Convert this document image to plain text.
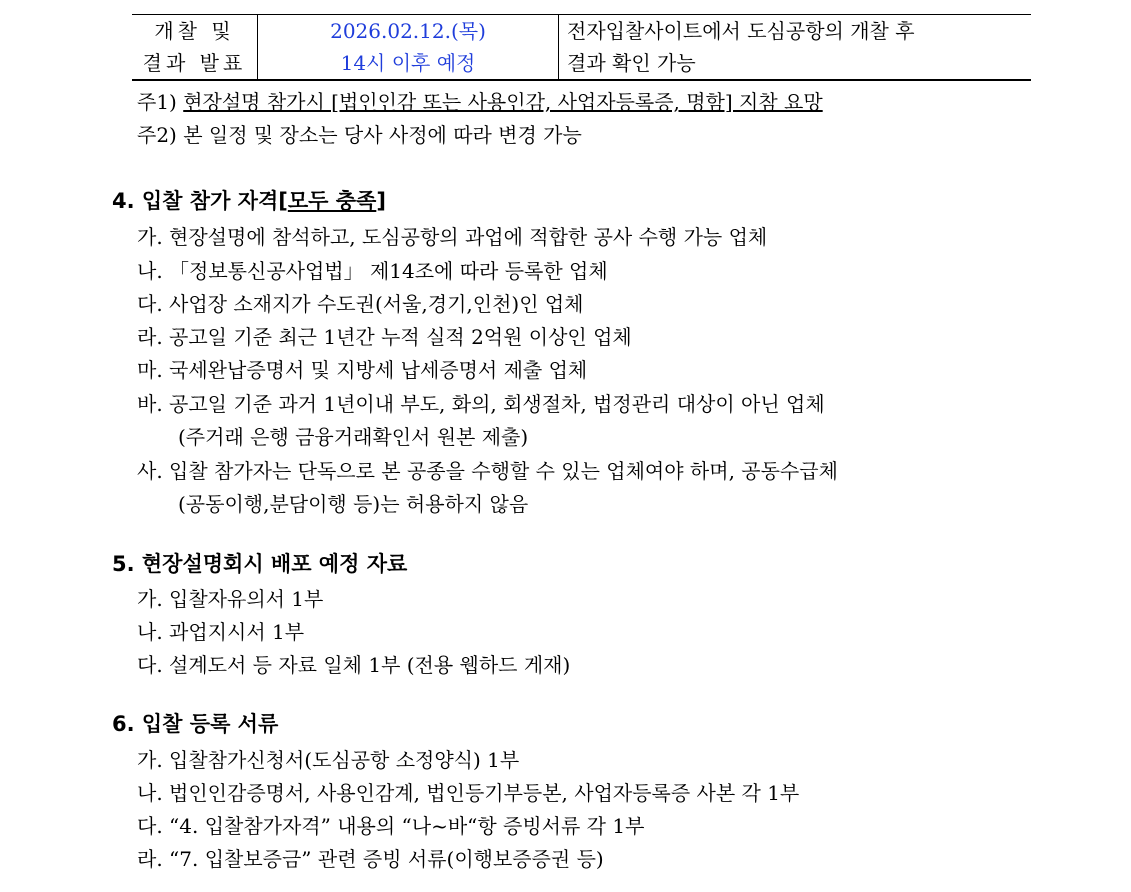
개찰 및
결과 발표

2026.02.12.(목)
14시 이후 예정

전자입찰사이트에서 도심공항의 개찰 후
결과 확인 가능
주1) 현장설명 참가시 [법인인감 또는 사용인감, 사업자등록증, 명함] 지참 요망
주2) 본 일정 및 장소는 당사 사정에 따라 변경 가능
4. 입찰 참가 자격[모두 충족]
가. 현장설명에 참석하고, 도심공항의 과업에 적합한 공사 수행 가능 업체
나. 「정보통신공사업법」 제14조에 따라 등록한 업체
다. 사업장 소재지가 수도권(서울,경기,인천)인 업체
라. 공고일 기준 최근 1년간 누적 실적 2억원 이상인 업체
마. 국세완납증명서 및 지방세 납세증명서 제출 업체
바. 공고일 기준 과거 1년이내 부도, 화의, 회생절차, 법정관리 대상이 아닌 업체
(주거래 은행 금융거래확인서 원본 제출)
사. 입찰 참가자는 단독으로 본 공종을 수행할 수 있는 업체여야 하며, 공동수급체
(공동이행,분담이행 등)는 허용하지 않음
5. 현장설명회시 배포 예정 자료
가. 입찰자유의서 1부
나. 과업지시서 1부
다. 설계도서 등 자료 일체 1부 (전용 웹하드 게재)
6. 입찰 등록 서류
가. 입찰참가신청서(도심공항 소정양식) 1부
나. 법인인감증명서, 사용인감계, 법인등기부등본, 사업자등록증 사본 각 1부
다. “4. 입찰참가자격” 내용의 “나~바“항 증빙서류 각 1부
라. “7. 입찰보증금” 관련 증빙 서류(이행보증증권 등)
